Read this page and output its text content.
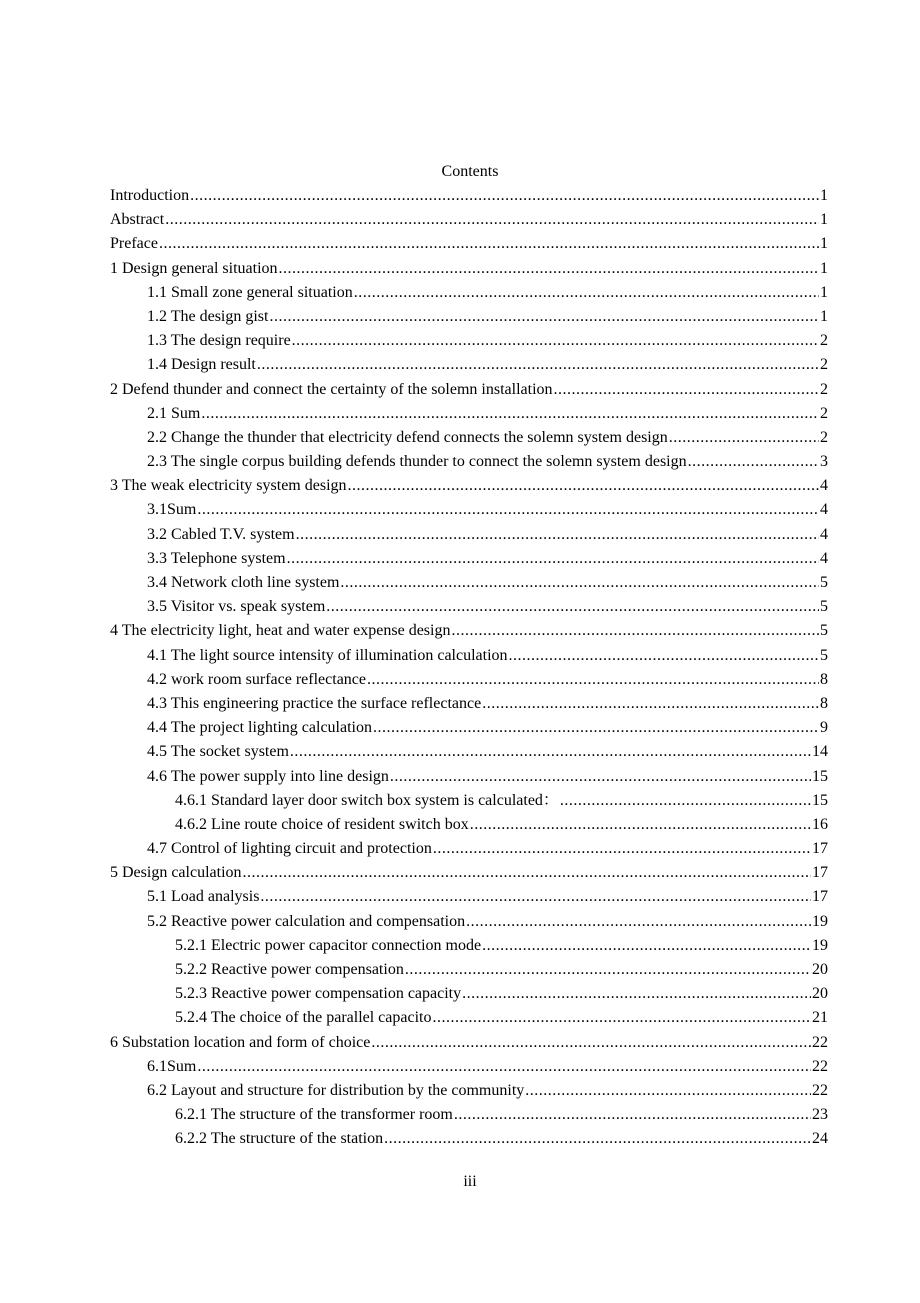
Contents
Introduction .....	1
Abstract .....	1
Preface .....	1
1 Design general situation .....	1
1.1 Small zone general situation .....	1
1.2 The design gist .....	1
1.3 The design require .....	2
1.4 Design result .....	2
2 Defend thunder and connect the certainty of the solemn installation .....	2
2.1 Sum .....	2
2.2 Change the thunder that electricity defend connects the solemn system design .....	2
2.3 The single corpus building defends thunder to connect the solemn system design .....	3
3 The weak electricity system design .....	4
3.1Sum .....	4
3.2 Cabled T.V. system .....	4
3.3 Telephone system .....	4
3.4 Network cloth line system .....	5
3.5 Visitor vs. speak system .....	5
4 The electricity light, heat and water expense design .....	5
4.1 The light source intensity of illumination calculation .....	5
4.2 work room surface reflectance .....	8
4.3 This engineering practice the surface reflectance .....	8
4.4 The project lighting calculation .....	9
4.5 The socket system .....	14
4.6 The power supply into line design .....	15
4.6.1 Standard layer door switch box system is calculated： .....	15
4.6.2 Line route choice of resident switch box .....	16
4.7 Control of lighting circuit and protection .....	17
5 Design calculation .....	17
5.1 Load analysis .....	17
5.2 Reactive power calculation and compensation .....	19
5.2.1 Electric power capacitor connection mode .....	19
5.2.2 Reactive power compensation .....	20
5.2.3 Reactive power compensation capacity .....	20
5.2.4 The choice of the parallel capacito .....	21
6 Substation location and form of choice .....	22
6.1Sum .....	22
6.2 Layout and structure for distribution by the community .....	22
6.2.1 The structure of the transformer room .....	23
6.2.2 The structure of the station .....	24
iii
